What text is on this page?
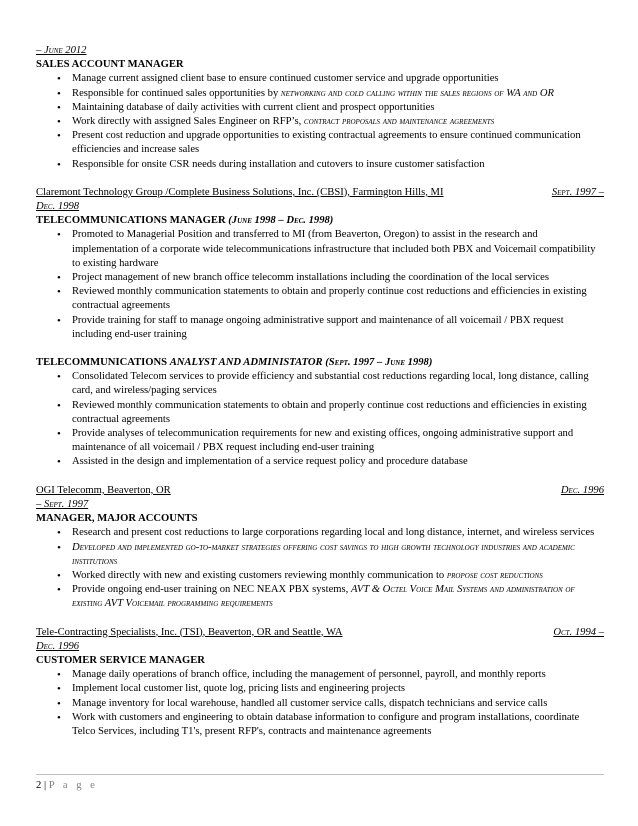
– June 2012

SALES ACCOUNT MANAGER

• Manage current assigned client base to ensure continued customer service and upgrade opportunities
• Responsible for continued sales opportunities by networking and cold calling within the sales regions of WA and OR
• Maintaining database of daily activities with current client and prospect opportunities
• Work directly with assigned Sales Engineer on RFP’s, contract proposals and maintenance agreements
• Present cost reduction and upgrade opportunities to existing contractual agreements to ensure continued communication efficiencies and increase sales
• Responsible for onsite CSR needs during installation and cutovers to insure customer satisfaction
Claremont Technology Group /Complete Business Solutions, Inc. (CBSI), Farmington Hills, MI	Sept. 1997 –

Dec. 1998

TELECOMMUNICATIONS MANAGER (June 1998 – Dec. 1998)

• Promoted to Managerial Position and transferred to MI (from Beaverton, Oregon) to assist in the research and implementation of a corporate wide telecommunications infrastructure that included both PBX and Voicemail compatibility to existing hardware
• Project management of new branch office telecomm installations including the coordination of the local services
• Reviewed monthly communication statements to obtain and properly continue cost reductions and efficiencies in existing contractual agreements
• Provide training for staff to manage ongoing administrative support and maintenance of all voicemail / PBX request including end-user training

TELECOMMUNICATIONS ANALYST AND ADMINISTATOR (Sept. 1997 – June 1998)

• Consolidated Telecom services to provide efficiency and substantial cost reductions regarding local, long distance, calling card, and wireless/paging services
• Reviewed monthly communication statements to obtain and properly continue cost reductions and efficiencies in existing contractual agreements
• Provide analyses of telecommunication requirements for new and existing offices, ongoing administrative support and maintenance of all voicemail / PBX request including end-user training
• Assisted in the design and implementation of a service request policy and procedure database
OGI Telecomm, Beaverton, OR	Dec. 1996

– Sept. 1997

MANAGER, MAJOR ACCOUNTS

• Research and present cost reductions to large corporations regarding local and long distance, internet, and wireless services
• Developed and implemented go-to-market strategies offering cost savings to high growth technology industries and academic institutions
• Worked directly with new and existing customers reviewing monthly communication to propose cost reductions
• Provide ongoing end-user training on NEC NEAX PBX systems, AVT & Octel Voice Mail Systems and administration of existing AVT Voicemail programming requirements
Tele-Contracting Specialists, Inc. (TSI), Beaverton, OR and Seattle, WA	Oct. 1994 –

Dec. 1996

CUSTOMER SERVICE MANAGER

• Manage daily operations of branch office, including the management of personnel, payroll, and monthly reports
• Implement local customer list, quote log, pricing lists and engineering projects
• Manage inventory for local warehouse, handled all customer service calls, dispatch technicians and service calls
• Work with customers and engineering to obtain database information to configure and program installations, coordinate Telco Services, including T1's, present RFP's, contracts and maintenance agreements
2 | P a g e
